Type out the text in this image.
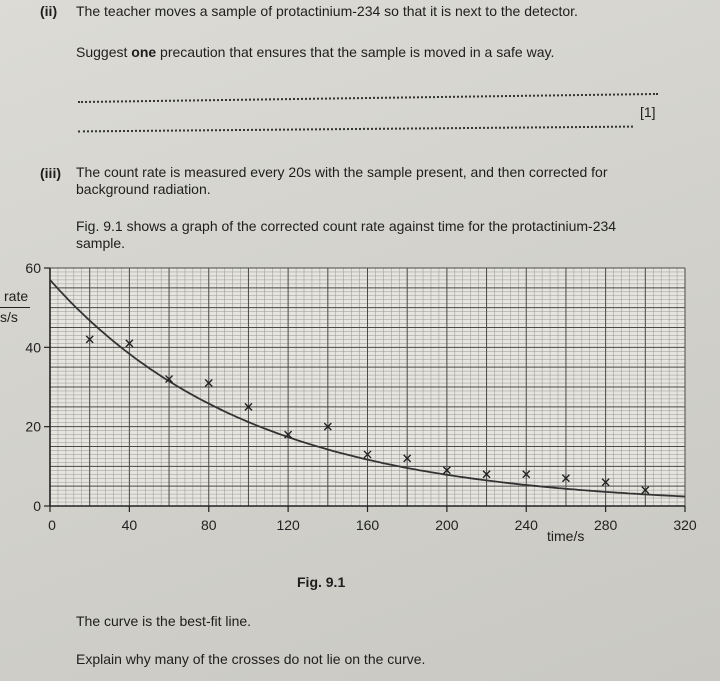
(ii) The teacher moves a sample of protactinium-234 so that it is next to the detector.
Suggest one precaution that ensures that the sample is moved in a safe way.
[1]
(iii) The count rate is measured every 20s with the sample present, and then corrected for
background radiation.
Fig. 9.1 shows a graph of the corrected count rate against time for the protactinium-234
sample.
rate
s/s
0	40	80	120	160	200	240	280	320
0
20
40
60
time/s
Fig. 9.1
The curve is the best-fit line.
Explain why many of the crosses do not lie on the curve.
